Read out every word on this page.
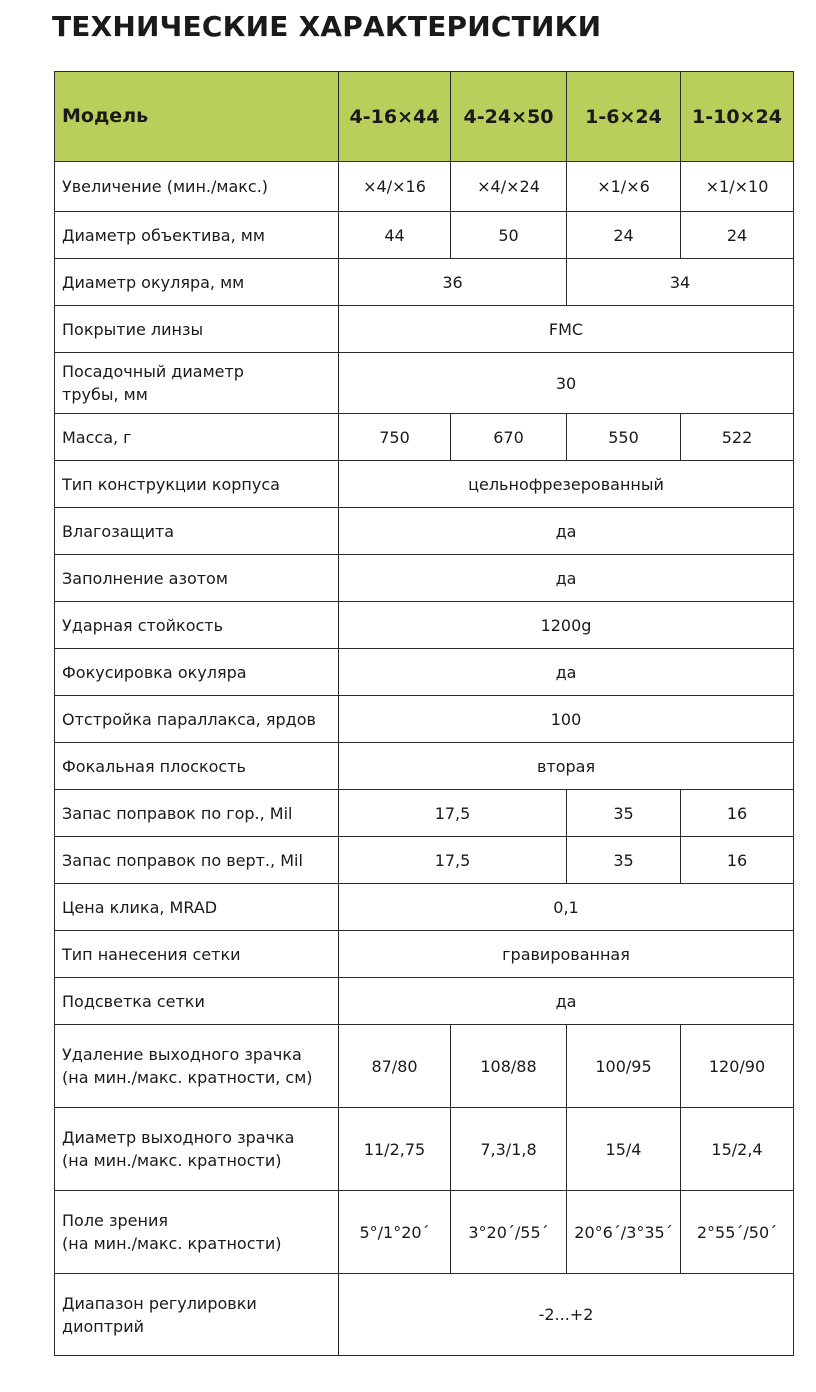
ТЕХНИЧЕСКИЕ ХАРАКТЕРИСТИКИ
Модель	4-16×44	4-24×50	1-6×24	1-10×24
Увеличение (мин./макс.)	×4/×16	×4/×24	×1/×6	×1/×10
Диаметр объектива, мм	44	50	24	24
Диаметр окуляра, мм	36		34	
Покрытие линзы	FMC			
Посадочный диаметр
трубы, мм	30			
Масса, г	750	670	550	522
Тип конструкции корпуса	цельнофрезерованный			
Влагозащита	да			
Заполнение азотом	да			
Ударная стойкость	1200g			
Фокусировка окуляра	да			
Отстройка параллакса, ярдов	100			
Фокальная плоскость	вторая			
Запас поправок по гор., Mil	17,5		35	16
Запас поправок по верт., Mil	17,5		35	16
Цена клика, MRAD	0,1			
Тип нанесения сетки	гравированная			
Подсветка сетки	да			
Удаление выходного зрачка
(на мин./макс. кратности, см)	87/80	108/88	100/95	120/90
Диаметр выходного зрачка
(на мин./макс. кратности)	11/2,75	7,3/1,8	15/4	15/2,4
Поле зрения
(на мин./макс. кратности)	5°/1°20´	3°20´/55´	20°6´/3°35´	2°55´/50´
Диапазон регулировки
диоптрий	-2...+2			
